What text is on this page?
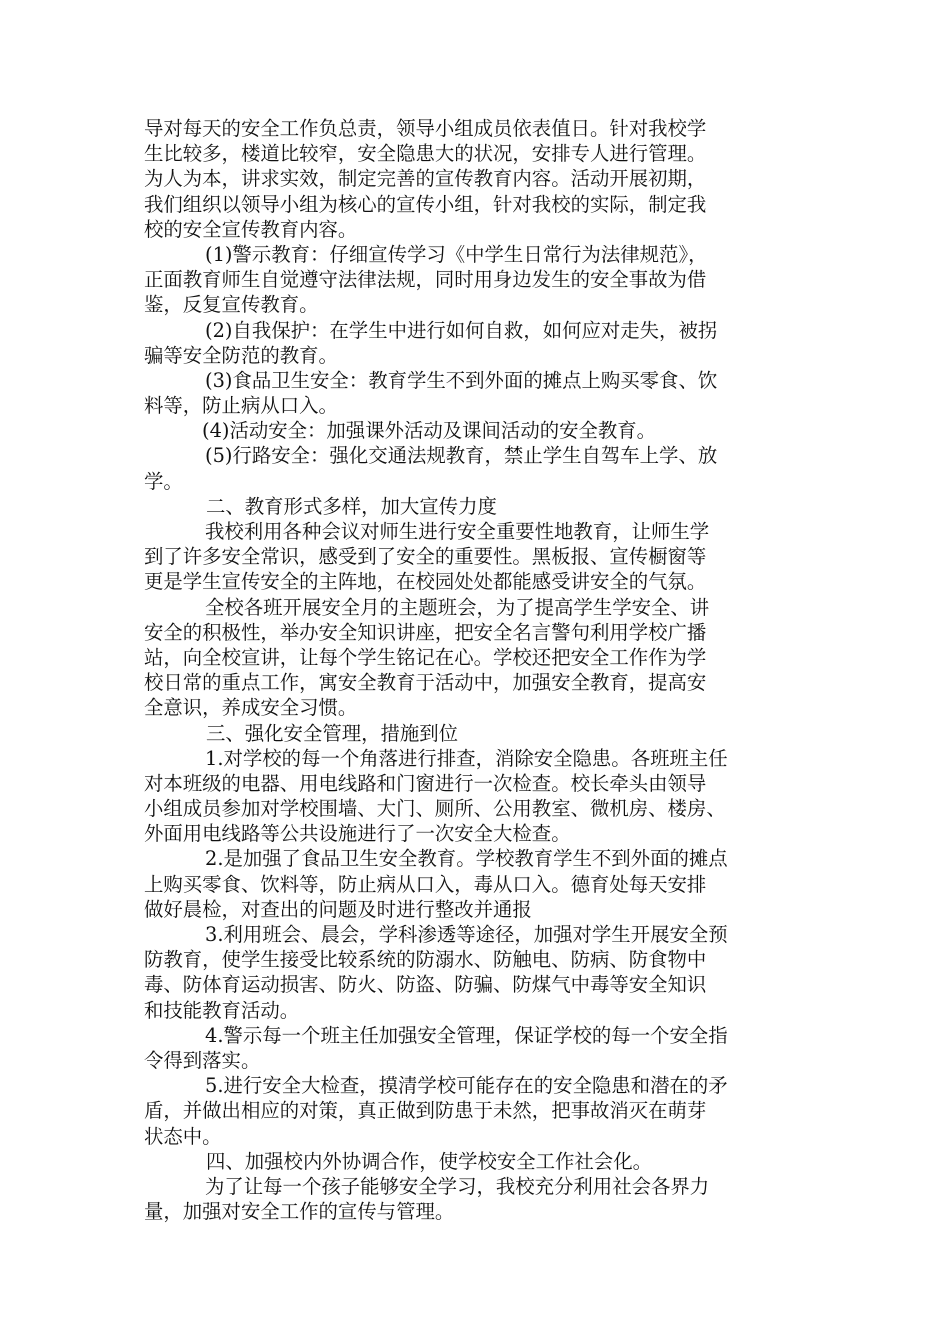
导对每天的安全工作负总责，领导小组成员依表值日。针对我校学
生比较多，楼道比较窄，安全隐患大的状况，安排专人进行管理。
为人为本，讲求实效，制定完善的宣传教育内容。活动开展初期，
我们组织以领导小组为核心的宣传小组，针对我校的实际，制定我
校的安全宣传教育内容。
(1)警示教育：仔细宣传学习《中学生日常行为法律规范》，
正面教育师生自觉遵守法律法规，同时用身边发生的安全事故为借
鉴，反复宣传教育。
(2)自我保护：在学生中进行如何自救，如何应对走失，被拐
骗等安全防范的教育。
(3)食品卫生安全：教育学生不到外面的摊点上购买零食、饮
料等，防止病从口入。
(4)活动安全：加强课外活动及课间活动的安全教育。
(5)行路安全：强化交通法规教育，禁止学生自驾车上学、放
学。
二、教育形式多样，加大宣传力度
我校利用各种会议对师生进行安全重要性地教育，让师生学
到了许多安全常识，感受到了安全的重要性。黑板报、宣传橱窗等
更是学生宣传安全的主阵地，在校园处处都能感受讲安全的气氛。
全校各班开展安全月的主题班会，为了提高学生学安全、讲
安全的积极性，举办安全知识讲座，把安全名言警句利用学校广播
站，向全校宣讲，让每个学生铭记在心。学校还把安全工作作为学
校日常的重点工作，寓安全教育于活动中，加强安全教育，提高安
全意识，养成安全习惯。
三、强化安全管理，措施到位
1.对学校的每一个角落进行排查，消除安全隐患。各班班主任
对本班级的电器、用电线路和门窗进行一次检查。校长牵头由领导
小组成员参加对学校围墙、大门、厕所、公用教室、微机房、楼房、
外面用电线路等公共设施进行了一次安全大检查。
2.是加强了食品卫生安全教育。学校教育学生不到外面的摊点
上购买零食、饮料等，防止病从口入，毒从口入。德育处每天安排
做好晨检，对查出的问题及时进行整改并通报
3.利用班会、晨会，学科渗透等途径，加强对学生开展安全预
防教育，使学生接受比较系统的防溺水、防触电、防病、防食物中
毒、防体育运动损害、防火、防盗、防骗、防煤气中毒等安全知识
和技能教育活动。
4.警示每一个班主任加强安全管理，保证学校的每一个安全指
令得到落实。
5.进行安全大检查，摸清学校可能存在的安全隐患和潜在的矛
盾，并做出相应的对策，真正做到防患于未然，把事故消灭在萌芽
状态中。
四、加强校内外协调合作，使学校安全工作社会化。
为了让每一个孩子能够安全学习，我校充分利用社会各界力
量，加强对安全工作的宣传与管理。
